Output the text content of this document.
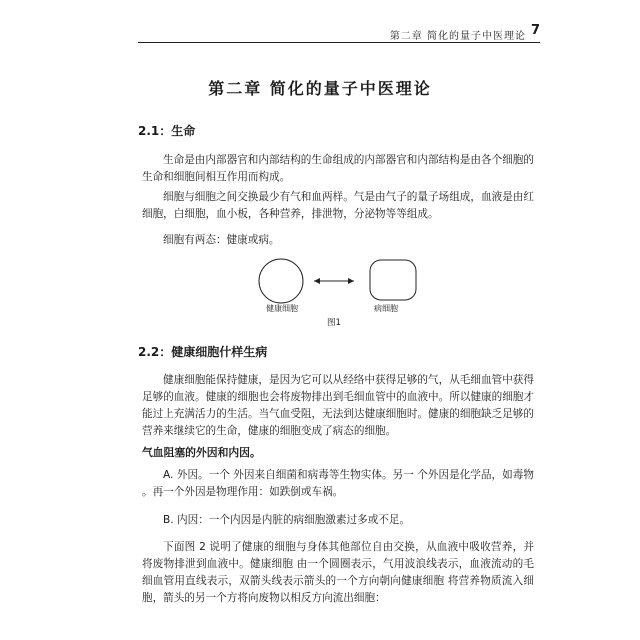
第二章 简化的量子中医理论 7
第二章 简化的量子中医理论
2.1：生命

生命是由内部器官和内部结构的生命组成的内部器官和内部结构是由各个细胞的生命和细胞间相互作用而构成。

细胞与细胞之间交换最少有气和血两样。气是由气子的量子场组成，血液是由红细胞，白细胞，血小板，各种营养，排泄物，分泌物等等组成。

细胞有两态：健康或病。

健康细胞	病细胞
图1
2.2：健康细胞什样生病

健康细胞能保持健康，是因为它可以从经络中获得足够的气，从毛细血管中获得足够的血液。健康的细胞也会将废物排出到毛细血管中的血液中。所以健康的细胞才能过上充满活力的生活。当气血受阻，无法到达健康细胞时。健康的细胞缺乏足够的营养来继续它的生命，健康的细胞变成了病态的细胞。

气血阻塞的外因和内因。

A. 外因。一个 外因来自细菌和病毒等生物实体。另一 个外因是化学品，如毒物 。再一个外因是物理作用：如跌倒或车祸。

B. 内因：一个内因是内脏的病细胞激素过多或不足。

下面图 2 说明了健康的细胞与身体其他部位自由交换，从血液中吸收营养，并将废物排泄到血液中。健康细胞 由一个圆圈表示，气用波浪线表示，血液流动的毛细血管用直线表示，双箭头线表示箭头的一个方向朝向健康细胞 将营养物质流入细胞，箭头的另一个方将向废物以相反方向流出细胞：
